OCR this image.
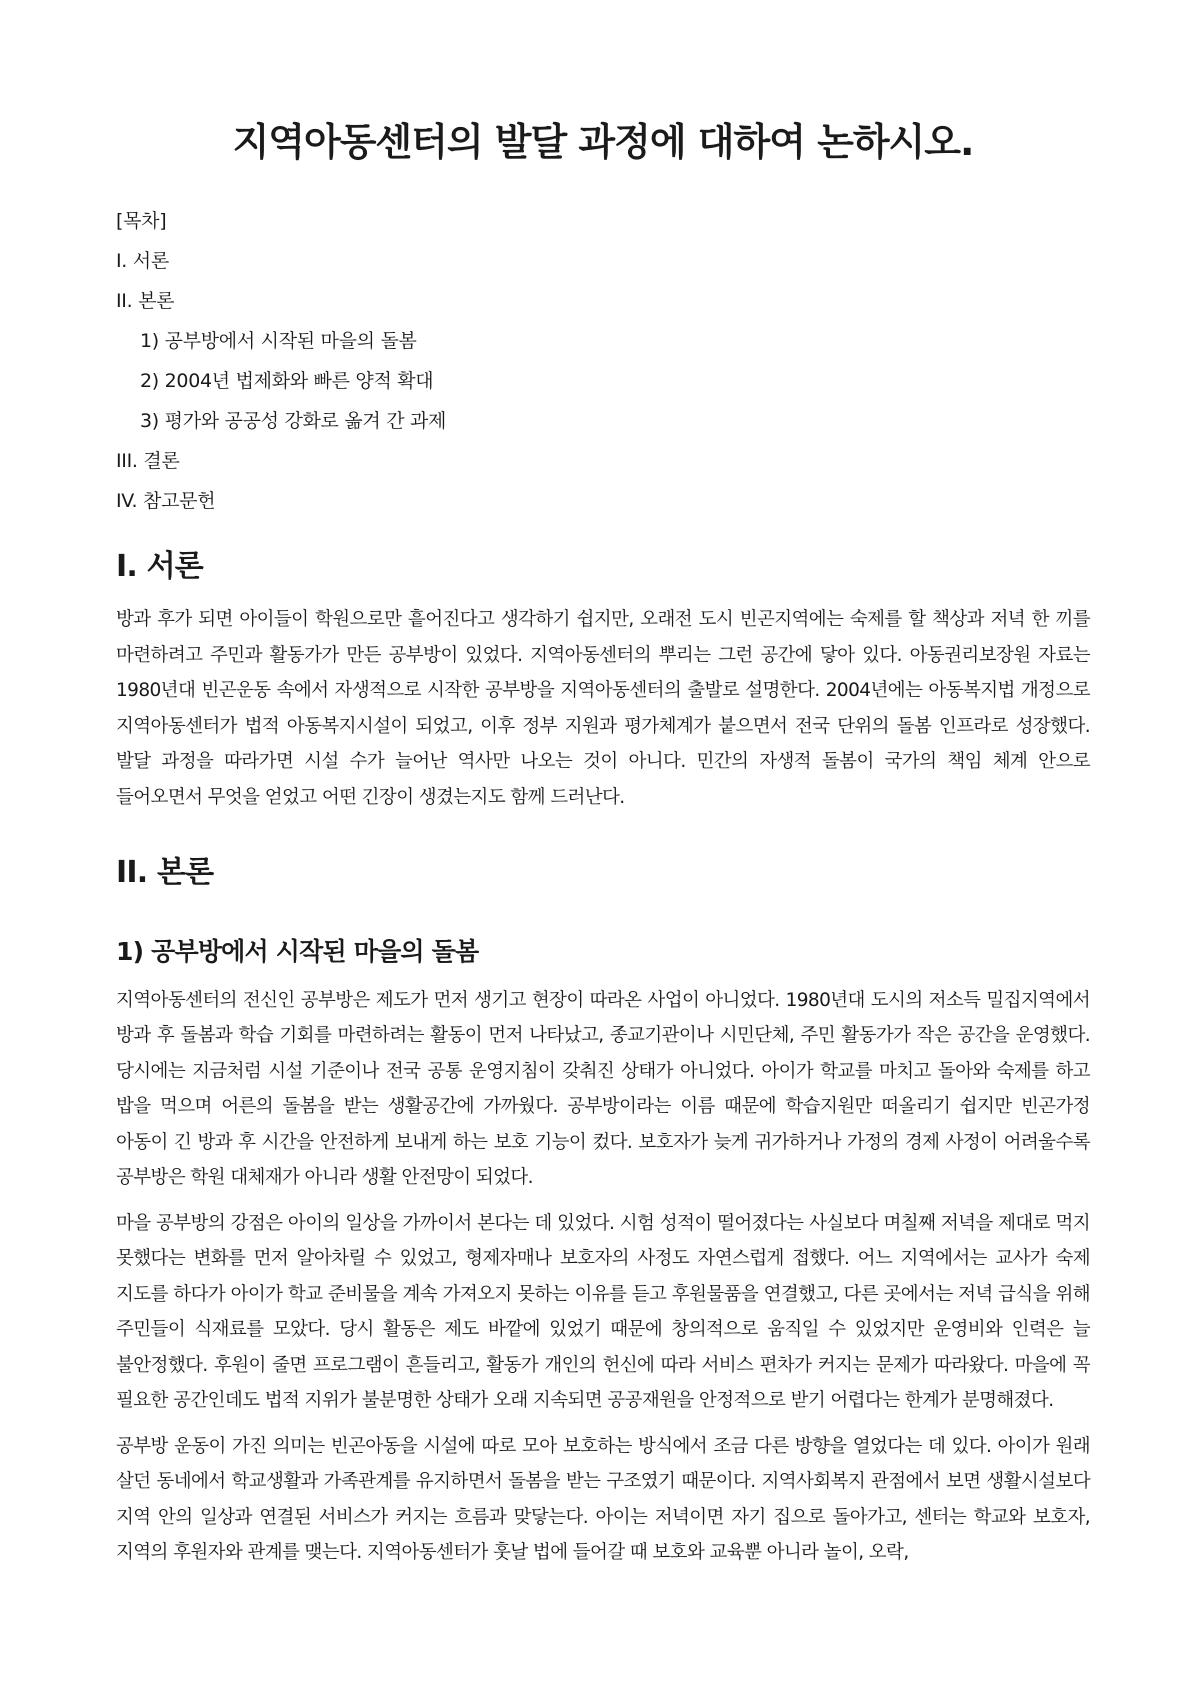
지역아동센터의 발달 과정에 대하여 논하시오.
[목차]
I. 서론
II. 본론
1) 공부방에서 시작된 마을의 돌봄
2) 2004년 법제화와 빠른 양적 확대
3) 평가와 공공성 강화로 옮겨 간 과제
III. 결론
IV. 참고문헌
I. 서론

방과 후가 되면 아이들이 학원으로만 흩어진다고 생각하기 쉽지만, 오래전 도시 빈곤지역에는 숙제를 할 책상과 저녁 한 끼를 마련하려고 주민과 활동가가 만든 공부방이 있었다. 지역아동센터의 뿌리는 그런 공간에 닿아 있다. 아동권리보장원 자료는 1980년대 빈곤운동 속에서 자생적으로 시작한 공부방을 지역아동센터의 출발로 설명한다. 2004년에는 아동복지법 개정으로 지역아동센터가 법적 아동복지시설이 되었고, 이후 정부 지원과 평가체계가 붙으면서 전국 단위의 돌봄 인프라로 성장했다. 발달 과정을 따라가면 시설 수가 늘어난 역사만 나오는 것이 아니다. 민간의 자생적 돌봄이 국가의 책임 체계 안으로 들어오면서 무엇을 얻었고 어떤 긴장이 생겼는지도 함께 드러난다.

II. 본론
1) 공부방에서 시작된 마을의 돌봄

지역아동센터의 전신인 공부방은 제도가 먼저 생기고 현장이 따라온 사업이 아니었다. 1980년대 도시의 저소득 밀집지역에서 방과 후 돌봄과 학습 기회를 마련하려는 활동이 먼저 나타났고, 종교기관이나 시민단체, 주민 활동가가 작은 공간을 운영했다. 당시에는 지금처럼 시설 기준이나 전국 공통 운영지침이 갖춰진 상태가 아니었다. 아이가 학교를 마치고 돌아와 숙제를 하고 밥을 먹으며 어른의 돌봄을 받는 생활공간에 가까웠다. 공부방이라는 이름 때문에 학습지원만 떠올리기 쉽지만 빈곤가정 아동이 긴 방과 후 시간을 안전하게 보내게 하는 보호 기능이 컸다. 보호자가 늦게 귀가하거나 가정의 경제 사정이 어려울수록 공부방은 학원 대체재가 아니라 생활 안전망이 되었다.

마을 공부방의 강점은 아이의 일상을 가까이서 본다는 데 있었다. 시험 성적이 떨어졌다는 사실보다 며칠째 저녁을 제대로 먹지 못했다는 변화를 먼저 알아차릴 수 있었고, 형제자매나 보호자의 사정도 자연스럽게 접했다. 어느 지역에서는 교사가 숙제 지도를 하다가 아이가 학교 준비물을 계속 가져오지 못하는 이유를 듣고 후원물품을 연결했고, 다른 곳에서는 저녁 급식을 위해 주민들이 식재료를 모았다. 당시 활동은 제도 바깥에 있었기 때문에 창의적으로 움직일 수 있었지만 운영비와 인력은 늘 불안정했다. 후원이 줄면 프로그램이 흔들리고, 활동가 개인의 헌신에 따라 서비스 편차가 커지는 문제가 따라왔다. 마을에 꼭 필요한 공간인데도 법적 지위가 불분명한 상태가 오래 지속되면 공공재원을 안정적으로 받기 어렵다는 한계가 분명해졌다.

공부방 운동이 가진 의미는 빈곤아동을 시설에 따로 모아 보호하는 방식에서 조금 다른 방향을 열었다는 데 있다. 아이가 원래 살던 동네에서 학교생활과 가족관계를 유지하면서 돌봄을 받는 구조였기 때문이다. 지역사회복지 관점에서 보면 생활시설보다 지역 안의 일상과 연결된 서비스가 커지는 흐름과 맞닿는다. 아이는 저녁이면 자기 집으로 돌아가고, 센터는 학교와 보호자, 지역의 후원자와 관계를 맺는다. 지역아동센터가 훗날 법에 들어갈 때 보호와 교육뿐 아니라 놀이, 오락,
